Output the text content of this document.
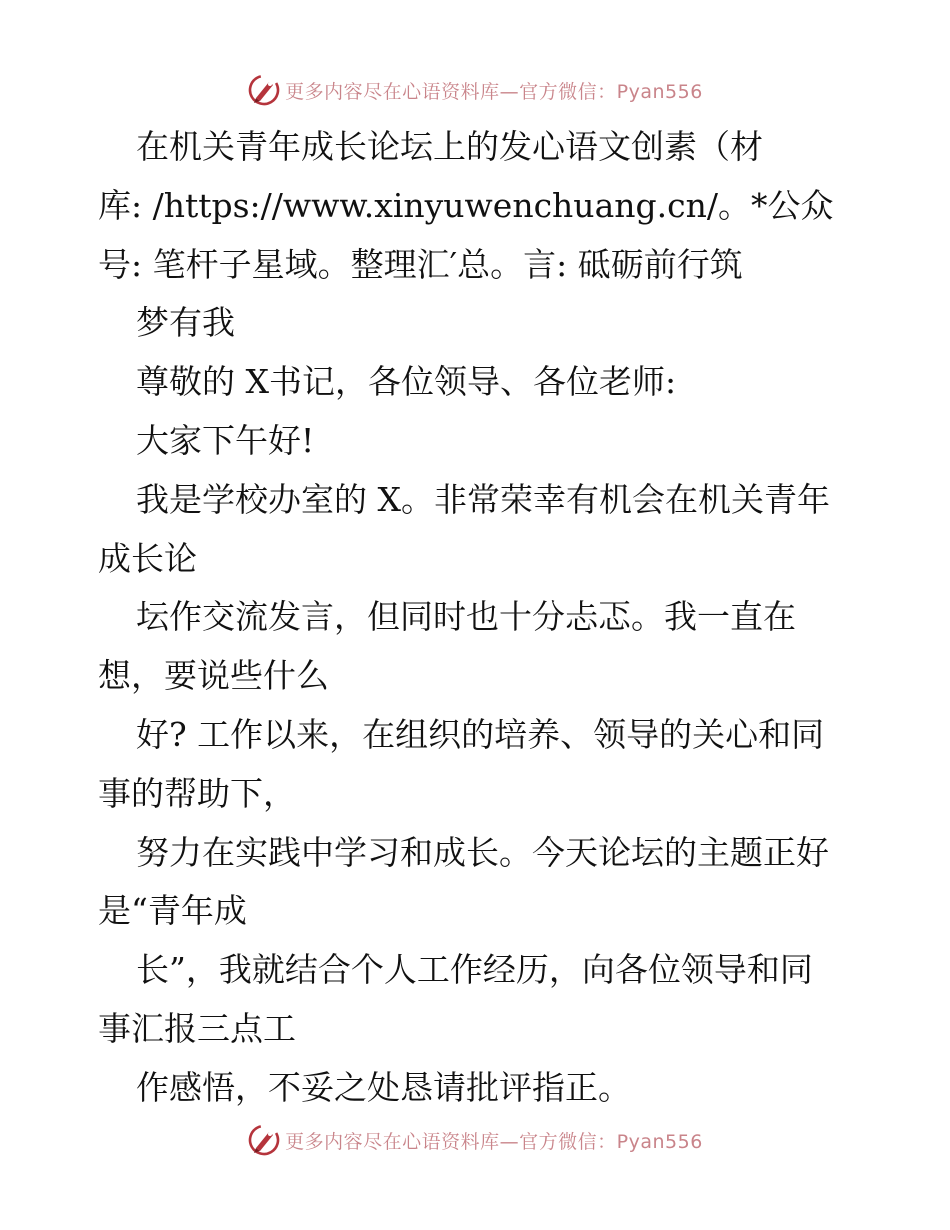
更多内容尽在心语资料库—官方微信：Pyan556
在机关青年成长论坛上的发心语文创素（材
库: /https://www.xinyuwenchuang.cn/。*公众
号: 笔杆子星域。整理汇′总。言: 砥砺前行筑
梦有我
尊敬的 X书记，各位领导、各位老师:
大家下午好!
我是学校办室的 X。非常荣幸有机会在机关青年
成长论
坛作交流发言，但同时也十分忐忑。我一直在
想，要说些什么
好? 工作以来，在组织的培养、领导的关心和同
事的帮助下，
努力在实践中学习和成长。今天论坛的主题正好
是“青年成
长”，我就结合个人工作经历，向各位领导和同
事汇报三点工
作感悟，不妥之处恳请批评指正。
更多内容尽在心语资料库—官方微信：Pyan556
